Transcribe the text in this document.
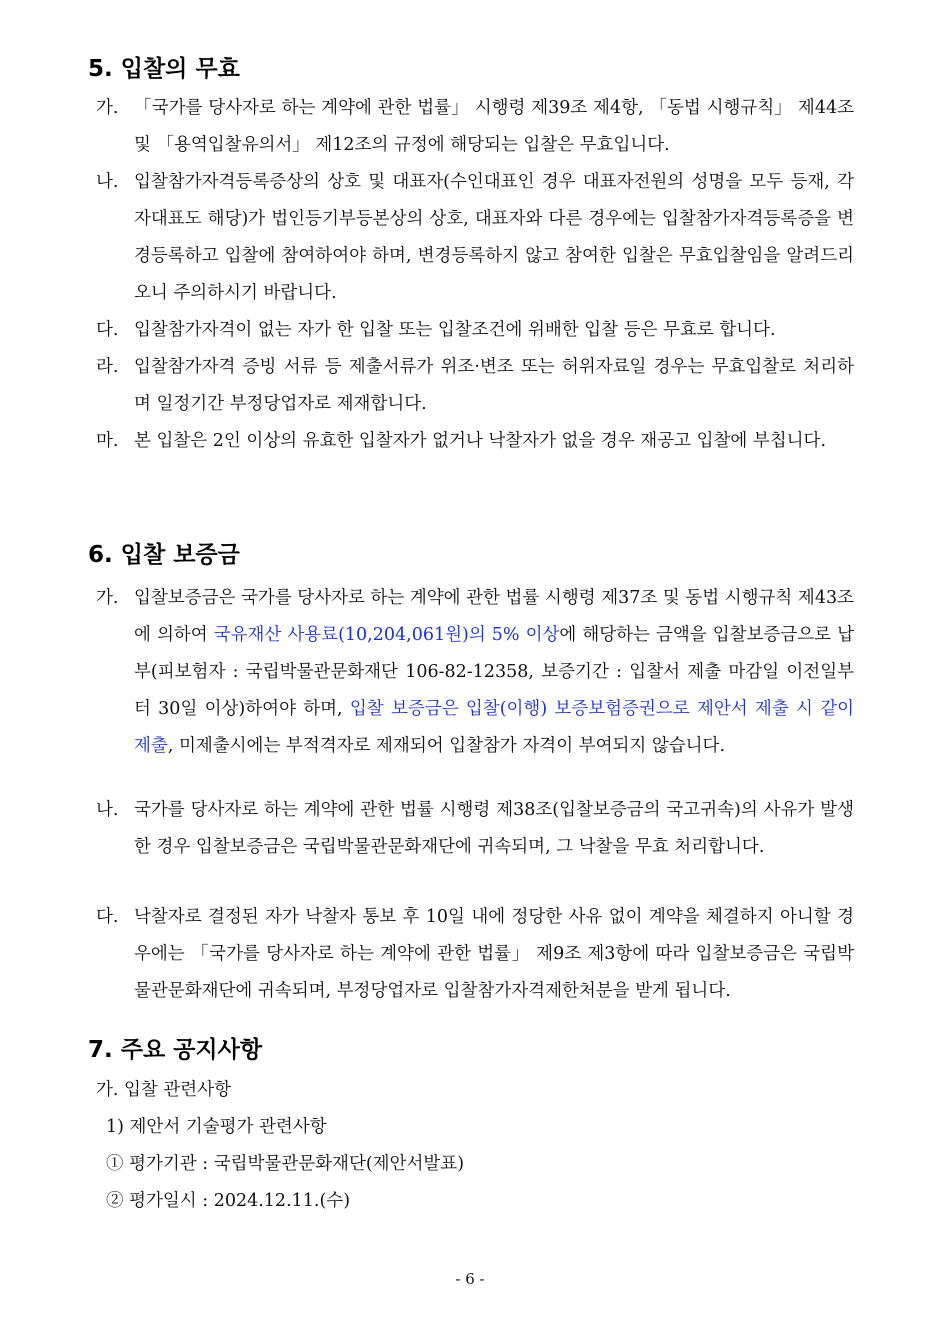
5. 입찰의 무효
가. 「국가를 당사자로 하는 계약에 관한 법률」 시행령 제39조 제4항, 「동법 시행규칙」 제44조 및 「용역입찰유의서」 제12조의 규정에 해당되는 입찰은 무효입니다.
나. 입찰참가자격등록증상의 상호 및 대표자(수인대표인 경우 대표자전원의 성명을 모두 등재, 각자대표도 해당)가 법인등기부등본상의 상호, 대표자와 다른 경우에는 입찰참가자격등록증을 변경등록하고 입찰에 참여하여야 하며, 변경등록하지 않고 참여한 입찰은 무효입찰임을 알려드리오니 주의하시기 바랍니다.
다. 입찰참가자격이 없는 자가 한 입찰 또는 입찰조건에 위배한 입찰 등은 무효로 합니다.
라. 입찰참가자격 증빙 서류 등 제출서류가 위조·변조 또는 허위자료일 경우는 무효입찰로 처리하며 일정기간 부정당업자로 제재합니다.
마. 본 입찰은 2인 이상의 유효한 입찰자가 없거나 낙찰자가 없을 경우 재공고 입찰에 부칩니다.
6. 입찰 보증금
가. 입찰보증금은 국가를 당사자로 하는 계약에 관한 법률 시행령 제37조 및 동법 시행규칙 제43조에 의하여 국유재산 사용료(10,204,061원)의 5% 이상에 해당하는 금액을 입찰보증금으로 납부(피보험자 : 국립박물관문화재단 106-82-12358, 보증기간 : 입찰서 제출 마감일 이전일부터 30일 이상)하여야 하며, 입찰 보증금은 입찰(이행) 보증보험증권으로 제안서 제출 시 같이 제출, 미제출시에는 부적격자로 제재되어 입찰참가 자격이 부여되지 않습니다.
나. 국가를 당사자로 하는 계약에 관한 법률 시행령 제38조(입찰보증금의 국고귀속)의 사유가 발생한 경우 입찰보증금은 국립박물관문화재단에 귀속되며, 그 낙찰을 무효 처리합니다.
다. 낙찰자로 결정된 자가 낙찰자 통보 후 10일 내에 정당한 사유 없이 계약을 체결하지 아니할 경우에는 「국가를 당사자로 하는 계약에 관한 법률」 제9조 제3항에 따라 입찰보증금은 국립박물관문화재단에 귀속되며, 부정당업자로 입찰참가자격제한처분을 받게 됩니다.
7. 주요 공지사항
가. 입찰 관련사항
1) 제안서 기술평가 관련사항
① 평가기관 : 국립박물관문화재단(제안서발표)
② 평가일시 : 2024.12.11.(수)
- 6 -
